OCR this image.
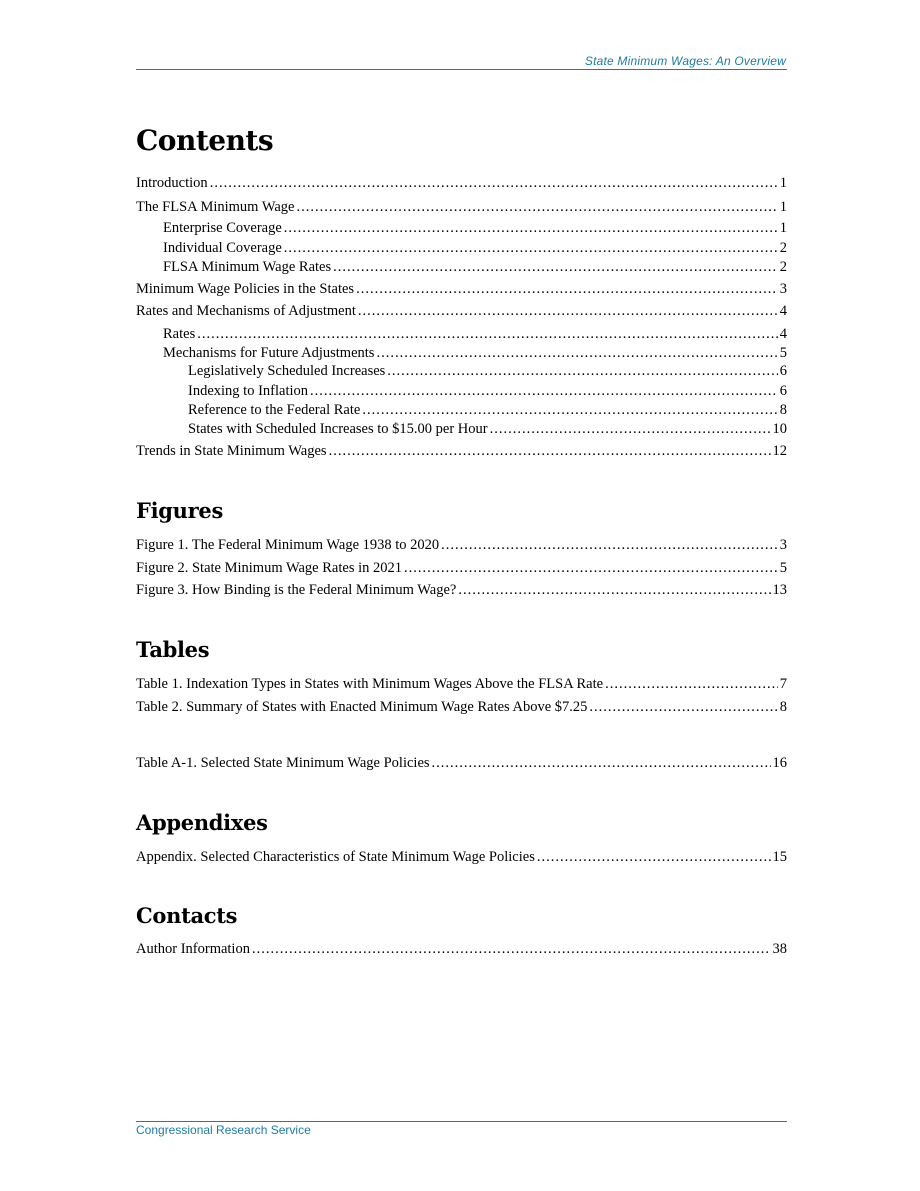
State Minimum Wages: An Overview
Contents
Introduction .....	1
The FLSA Minimum Wage .....	1
Enterprise Coverage .....	1
Individual Coverage .....	2
FLSA Minimum Wage Rates .....	2
Minimum Wage Policies in the States .....	3
Rates and Mechanisms of Adjustment .....	4
Rates .....	4
Mechanisms for Future Adjustments .....	5
Legislatively Scheduled Increases .....	6
Indexing to Inflation .....	6
Reference to the Federal Rate .....	8
States with Scheduled Increases to $15.00 per Hour .....	10
Trends in State Minimum Wages .....	12
Figures
Figure 1. The Federal Minimum Wage 1938 to 2020 .....	3
Figure 2. State Minimum Wage Rates in 2021 .....	5
Figure 3. How Binding is the Federal Minimum Wage? .....	13
Tables
Table 1. Indexation Types in States with Minimum Wages Above the FLSA Rate .....	7
Table 2. Summary of States with Enacted Minimum Wage Rates Above $7.25 .....	8
Table A-1. Selected State Minimum Wage Policies .....	16
Appendixes
Appendix. Selected Characteristics of State Minimum Wage Policies .....	15
Contacts
Author Information .....	38
Congressional Research Service
